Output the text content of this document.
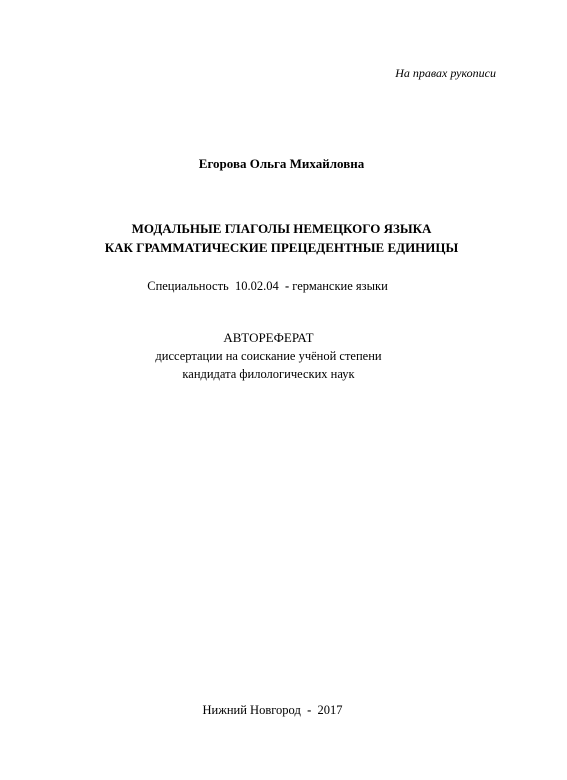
На правах рукописи
Егорова Ольга Михайловна
МОДАЛЬНЫЕ ГЛАГОЛЫ НЕМЕЦКОГО ЯЗЫКА
КАК ГРАММАТИЧЕСКИЕ ПРЕЦЕДЕНТНЫЕ ЕДИНИЦЫ
Специальность 10.02.04 - германские языки
АВТОРЕФЕРАТ
диссертации на соискание учёной степени
кандидата филологических наук
Нижний Новгород - 2017
